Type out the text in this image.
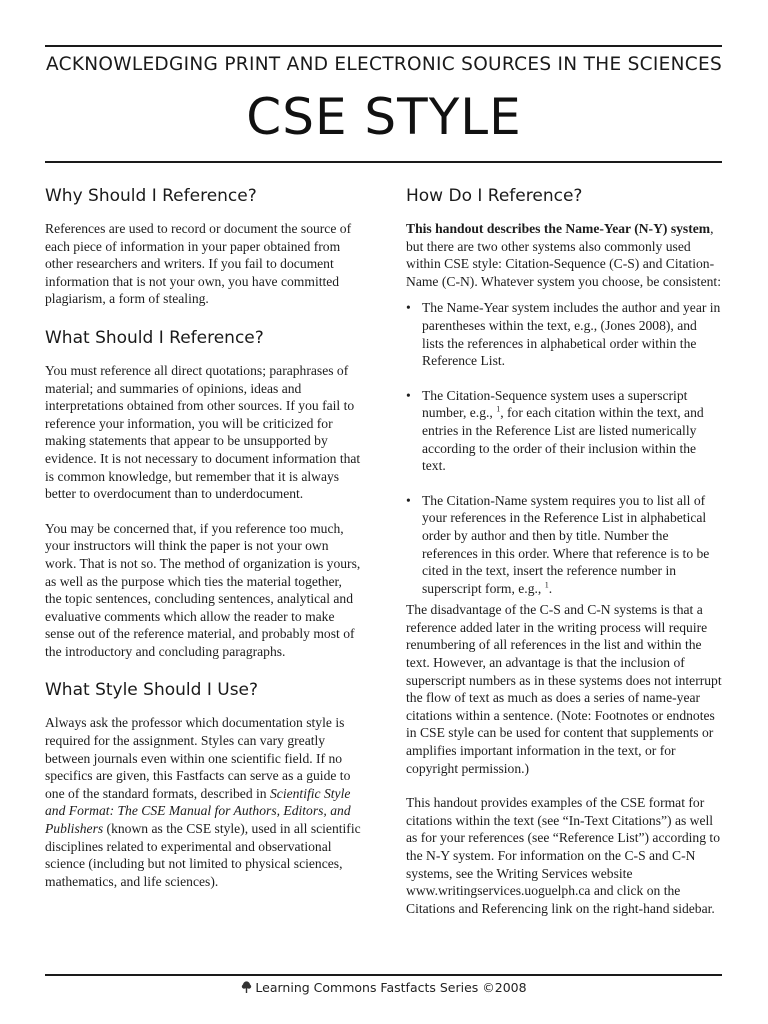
ACKNOWLEDGING PRINT AND ELECTRONIC SOURCES IN THE SCIENCES
CSE STYLE
Why Should I Reference?

References are used to record or document the source of each piece of information in your paper obtained from other researchers and writers. If you fail to document information that is not your own, you have committed plagiarism, a form of stealing.

What Should I Reference?

You must reference all direct quotations; paraphrases of material; and summaries of opinions, ideas and interpretations obtained from other sources. If you fail to reference your information, you will be criticized for making statements that appear to be unsupported by evidence. It is not necessary to document information that is common knowledge, but remember that it is always better to overdocument than to underdocument.

You may be concerned that, if you reference too much, your instructors will think the paper is not your own work. That is not so. The method of organization is yours, as well as the purpose which ties the material together, the topic sentences, concluding sentences, analytical and evaluative comments which allow the reader to make sense out of the reference material, and probably most of the introductory and concluding paragraphs.

What Style Should I Use?

Always ask the professor which documentation style is required for the assignment. Styles can vary greatly between journals even within one scientific field. If no specifics are given, this Fastfacts can serve as a guide to one of the standard formats, described in Scientific Style and Format: The CSE Manual for Authors, Editors, and Publishers (known as the CSE style), used in all scientific disciplines related to experimental and observational science (including but not limited to physical sciences, mathematics, and life sciences).

How Do I Reference?

This handout describes the Name-Year (N-Y) system, but there are two other systems also commonly used within CSE style: Citation-Sequence (C-S) and Citation-Name (C-N). Whatever system you choose, be consistent:

• The Name-Year system includes the author and year in parentheses within the text, e.g., (Jones 2008), and lists the references in alphabetical order within the Reference List.
• The Citation-Sequence system uses a superscript number, e.g., $^1$, for each citation within the text, and entries in the Reference List are listed numerically according to the order of their inclusion within the text.
• The Citation-Name system requires you to list all of your references in the Reference List in alphabetical order by author and then by title. Number the references in this order. Where that reference is to be cited in the text, insert the reference number in superscript form, e.g., $^1$.

The disadvantage of the C-S and C-N systems is that a reference added later in the writing process will require renumbering of all references in the list and within the text. However, an advantage is that the inclusion of superscript numbers as in these systems does not interrupt the flow of text as much as does a series of name-year citations within a sentence. (Note: Footnotes or endnotes in CSE style can be used for content that supplements or amplifies important information in the text, or for copyright permission.)

This handout provides examples of the CSE format for citations within the text (see “In-Text Citations”) as well as for your references (see “Reference List”) according to the N-Y system. For information on the C-S and C-N systems, see the Writing Services website www.writingservices.uoguelph.ca and click on the Citations and Referencing link on the right-hand sidebar.

Learning Commons Fastfacts Series ©2008
